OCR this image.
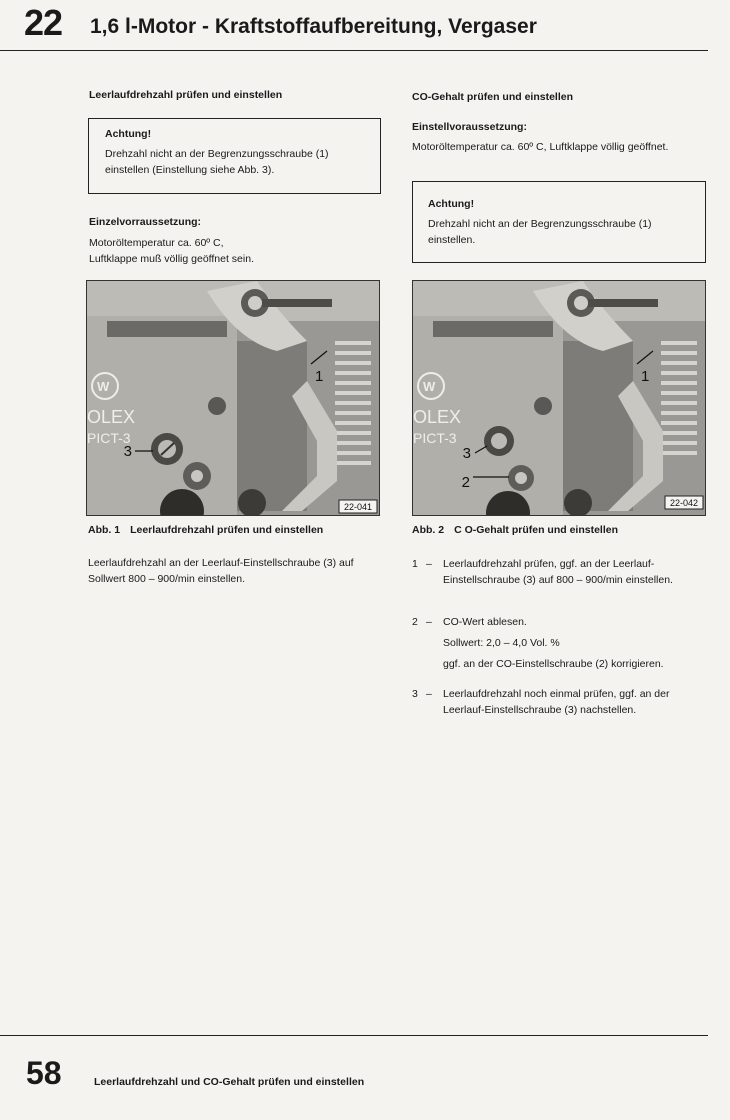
22 1,6 l-Motor - Kraftstoffaufbereitung, Vergaser
Leerlaufdrehzahl prüfen und einstellen
Achtung!
Drehzahl nicht an der Begrenzungsschraube (1) einstellen (Einstellung siehe Abb. 3).
Einzelvorraussetzung:
Motoröltemperatur ca. 60º C,
Luftklappe muß völlig geöffnet sein.
W
OLEX
PICT-3
3
1
22-041
Abb. 1 Leerlaufdrehzahl prüfen und einstellen
Leerlaufdrehzahl an der Leerlauf-Einstellschraube (3) auf Sollwert 800 – 900/min einstellen.
CO-Gehalt prüfen und einstellen
Einstellvoraussetzung:
Motoröltemperatur ca. 60º C, Luftklappe völlig geöffnet.
Achtung!
Drehzahl nicht an der Begrenzungsschraube (1) einstellen.
W
OLEX
PICT-3
3
2
1
22-042
Abb. 2 C O-Gehalt prüfen und einstellen
1 – Leerlaufdrehzahl prüfen, ggf. an der Leerlauf-Einstellschraube (3) auf 800 – 900/min einstellen.
2 – CO-Wert ablesen.
Sollwert: 2,0 – 4,0 Vol. %
ggf. an der CO-Einstellschraube (2) korrigieren.
3 – Leerlaufdrehzahl noch einmal prüfen, ggf. an der Leerlauf-Einstellschraube (3) nachstellen.
58	Leerlaufdrehzahl und CO-Gehalt prüfen und einstellen
